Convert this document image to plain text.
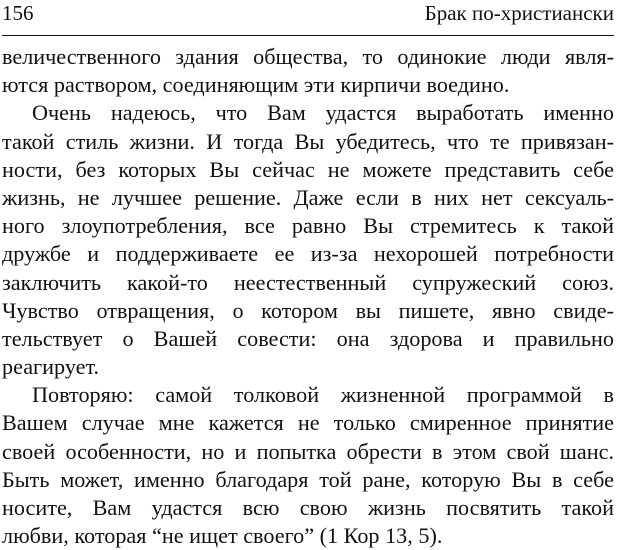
156	Брак по-христиански
величественного здания общества, то одинокие люди явля-
ются раствором, соединяющим эти кирпичи воедино.
Очень надеюсь, что Вам удастся выработать именно
такой стиль жизни. И тогда Вы убедитесь, что те привязан-
ности, без которых Вы сейчас не можете представить себе
жизнь, не лучшее решение. Даже если в них нет сексуаль-
ного злоупотребления, все равно Вы стремитесь к такой
дружбе и поддерживаете ее из-за нехорошей потребности
заключить какой-то неестественный супружеский союз.
Чувство отвращения, о котором вы пишете, явно свиде-
тельствует о Вашей совести: она здорова и правильно
реагирует.
Повторяю: самой толковой жизненной программой в
Вашем случае мне кажется не только смиренное принятие
своей особенности, но и попытка обрести в этом свой шанс.
Быть может, именно благодаря той ране, которую Вы в себе
носите, Вам удастся всю свою жизнь посвятить такой
любви, которая “не ищет своего” (1 Кор 13, 5).
